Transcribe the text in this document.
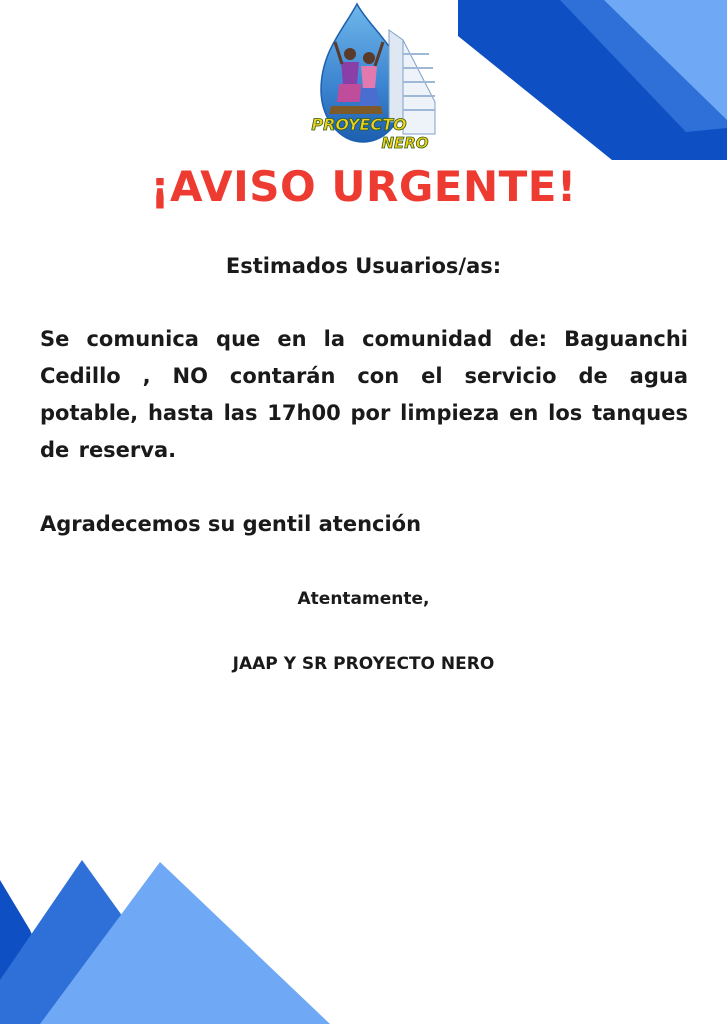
PROYECTO
NERO
¡AVISO URGENTE!

Estimados Usuarios/as:

Se comunica que en la comunidad de: Baguanchi Cedillo , NO contarán con el servicio de agua potable, hasta las 17h00 por limpieza en los tanques de reserva.

Agradecemos su gentil atención

Atentamente,

JAAP Y SR PROYECTO NERO
